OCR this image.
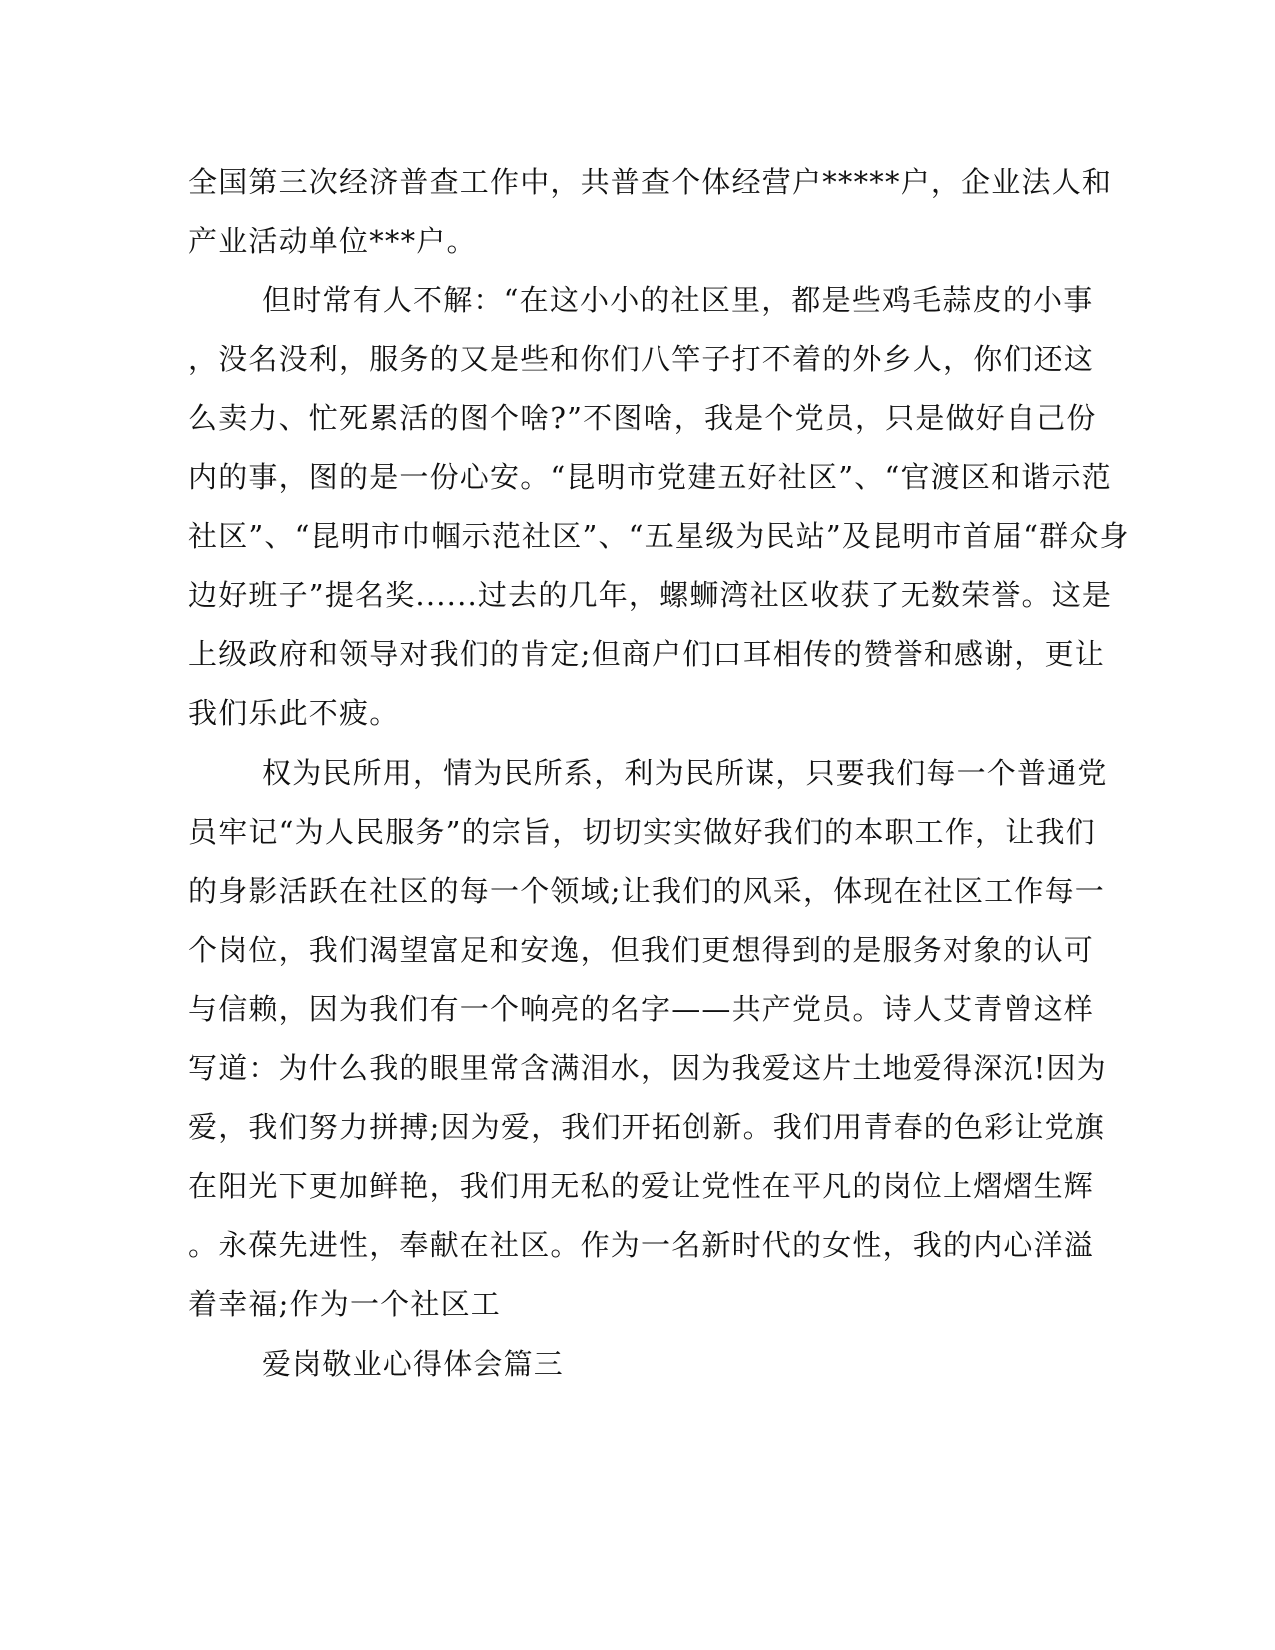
全国第三次经济普查工作中，共普查个体经营户*****户，企业法人和
产业活动单位***户。
但时常有人不解：“在这小小的社区里，都是些鸡毛蒜皮的小事
，没名没利，服务的又是些和你们八竿子打不着的外乡人，你们还这
么卖力、忙死累活的图个啥?”不图啥，我是个党员，只是做好自己份
内的事，图的是一份心安。“昆明市党建五好社区”、“官渡区和谐示范
社区”、“昆明市巾帼示范社区”、“五星级为民站”及昆明市首届“群众身
边好班子”提名奖......过去的几年，螺蛳湾社区收获了无数荣誉。这是
上级政府和领导对我们的肯定;但商户们口耳相传的赞誉和感谢，更让
我们乐此不疲。
权为民所用，情为民所系，利为民所谋，只要我们每一个普通党
员牢记“为人民服务”的宗旨，切切实实做好我们的本职工作，让我们
的身影活跃在社区的每一个领域;让我们的风采，体现在社区工作每一
个岗位，我们渴望富足和安逸，但我们更想得到的是服务对象的认可
与信赖，因为我们有一个响亮的名字——共产党员。诗人艾青曾这样
写道：为什么我的眼里常含满泪水，因为我爱这片土地爱得深沉!因为
爱，我们努力拼搏;因为爱，我们开拓创新。我们用青春的色彩让党旗
在阳光下更加鲜艳，我们用无私的爱让党性在平凡的岗位上熠熠生辉
。永葆先进性，奉献在社区。作为一名新时代的女性，我的内心洋溢
着幸福;作为一个社区工
爱岗敬业心得体会篇三
